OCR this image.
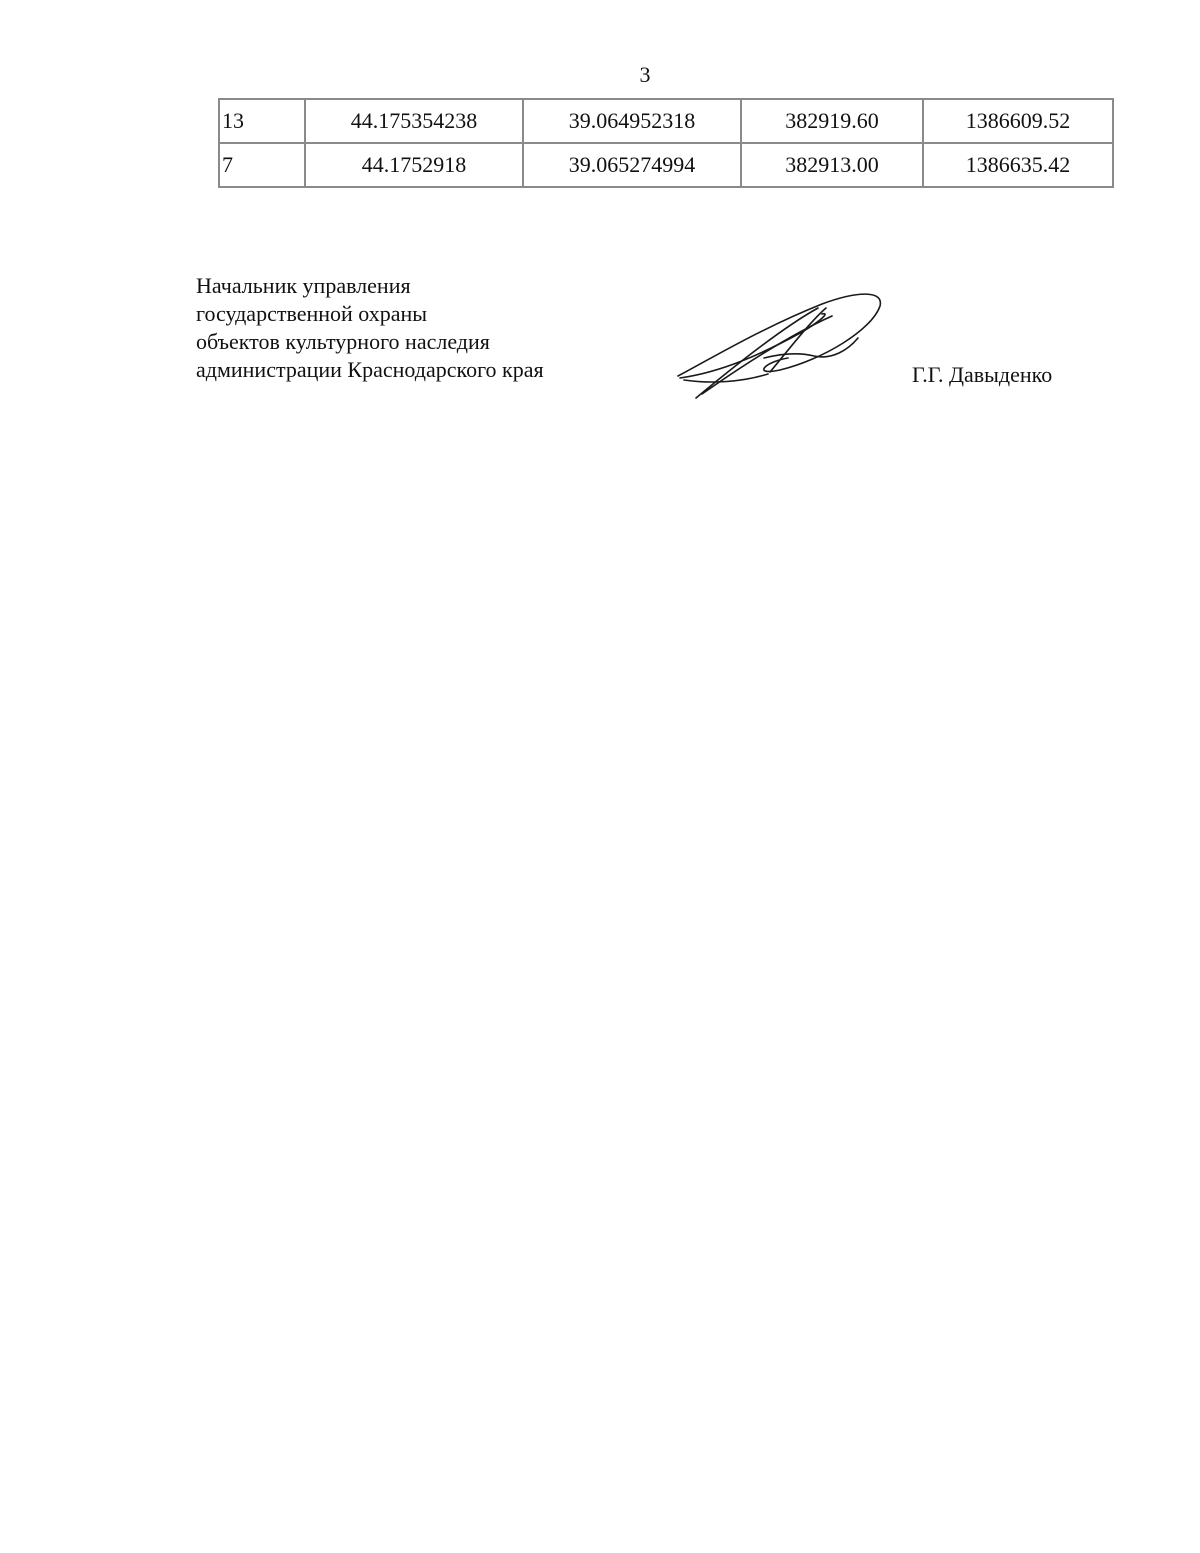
3
13	44.175354238	39.064952318	382919.60	1386609.52
7	44.1752918	39.065274994	382913.00	1386635.42
Начальник управления
государственной охраны
объектов культурного наследия
администрации Краснодарского края	Г.Г. Давыденко
